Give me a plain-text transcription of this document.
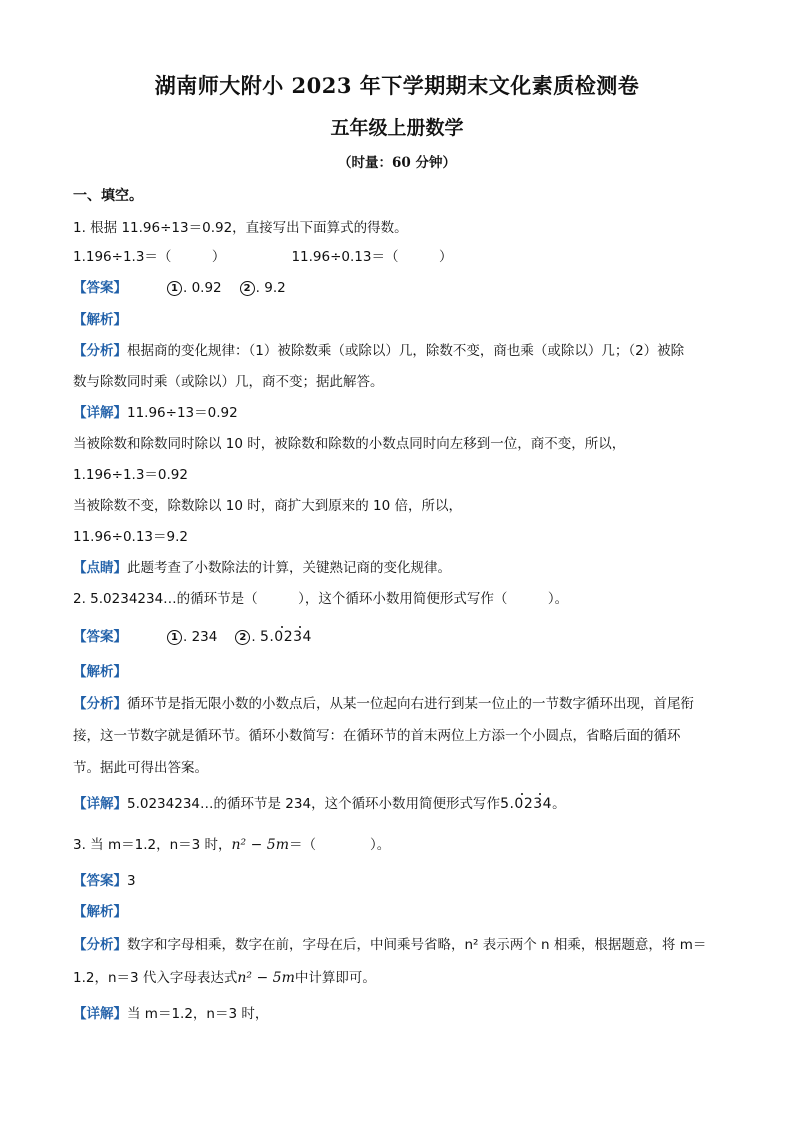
湖南师大附小 2023 年下学期期末文化素质检测卷
五年级上册数学
（时量：60 分钟）
一、填空。
1. 根据 11.96÷13＝0.92，直接写出下面算式的得数。
1.196÷1.3＝（　　　）	11.96÷0.13＝（　　　）
【答案】	1 . 0.92 2 . 9.2
【解析】
【分析】根据商的变化规律：（1）被除数乘（或除以）几，除数不变，商也乘（或除以）几；（2）被除
数与除数同时乘（或除以）几，商不变；据此解答。
【详解】11.96÷13＝0.92
当被除数和除数同时除以 10 时，被除数和除数的小数点同时向左移到一位，商不变，所以，
1.196÷1.3＝0.92
当被除数不变，除数除以 10 时，商扩大到原来的 10 倍，所以，
11.96÷0.13＝9.2
【点睛】此题考查了小数除法的计算，关键熟记商的变化规律。
2. 5.0234234…的循环节是（　　　），这个循环小数用简便形式写作（　　　）。
【答案】	1 . 234 2 . 5.0234
【解析】
【分析】循环节是指无限小数的小数点后，从某一位起向右进行到某一位止的一节数字循环出现，首尾衔
接，这一节数字就是循环节。循环小数简写：在循环节的首末两位上方添一个小圆点，省略后面的循环
节。据此可得出答案。
【详解】5.0234234…的循环节是 234，这个循环小数用简便形式写作5.0234
。
3. 当 m＝1.2，n＝3 时，n² − 5m＝（　　　　）。
【答案】3
【解析】
【分析】数字和字母相乘，数字在前，字母在后，中间乘号省略，n² 表示两个 n 相乘，根据题意，将 m＝
1.2，n＝3 代入字母表达式n² − 5m中计算即可。
【详解】当 m＝1.2，n＝3 时，
